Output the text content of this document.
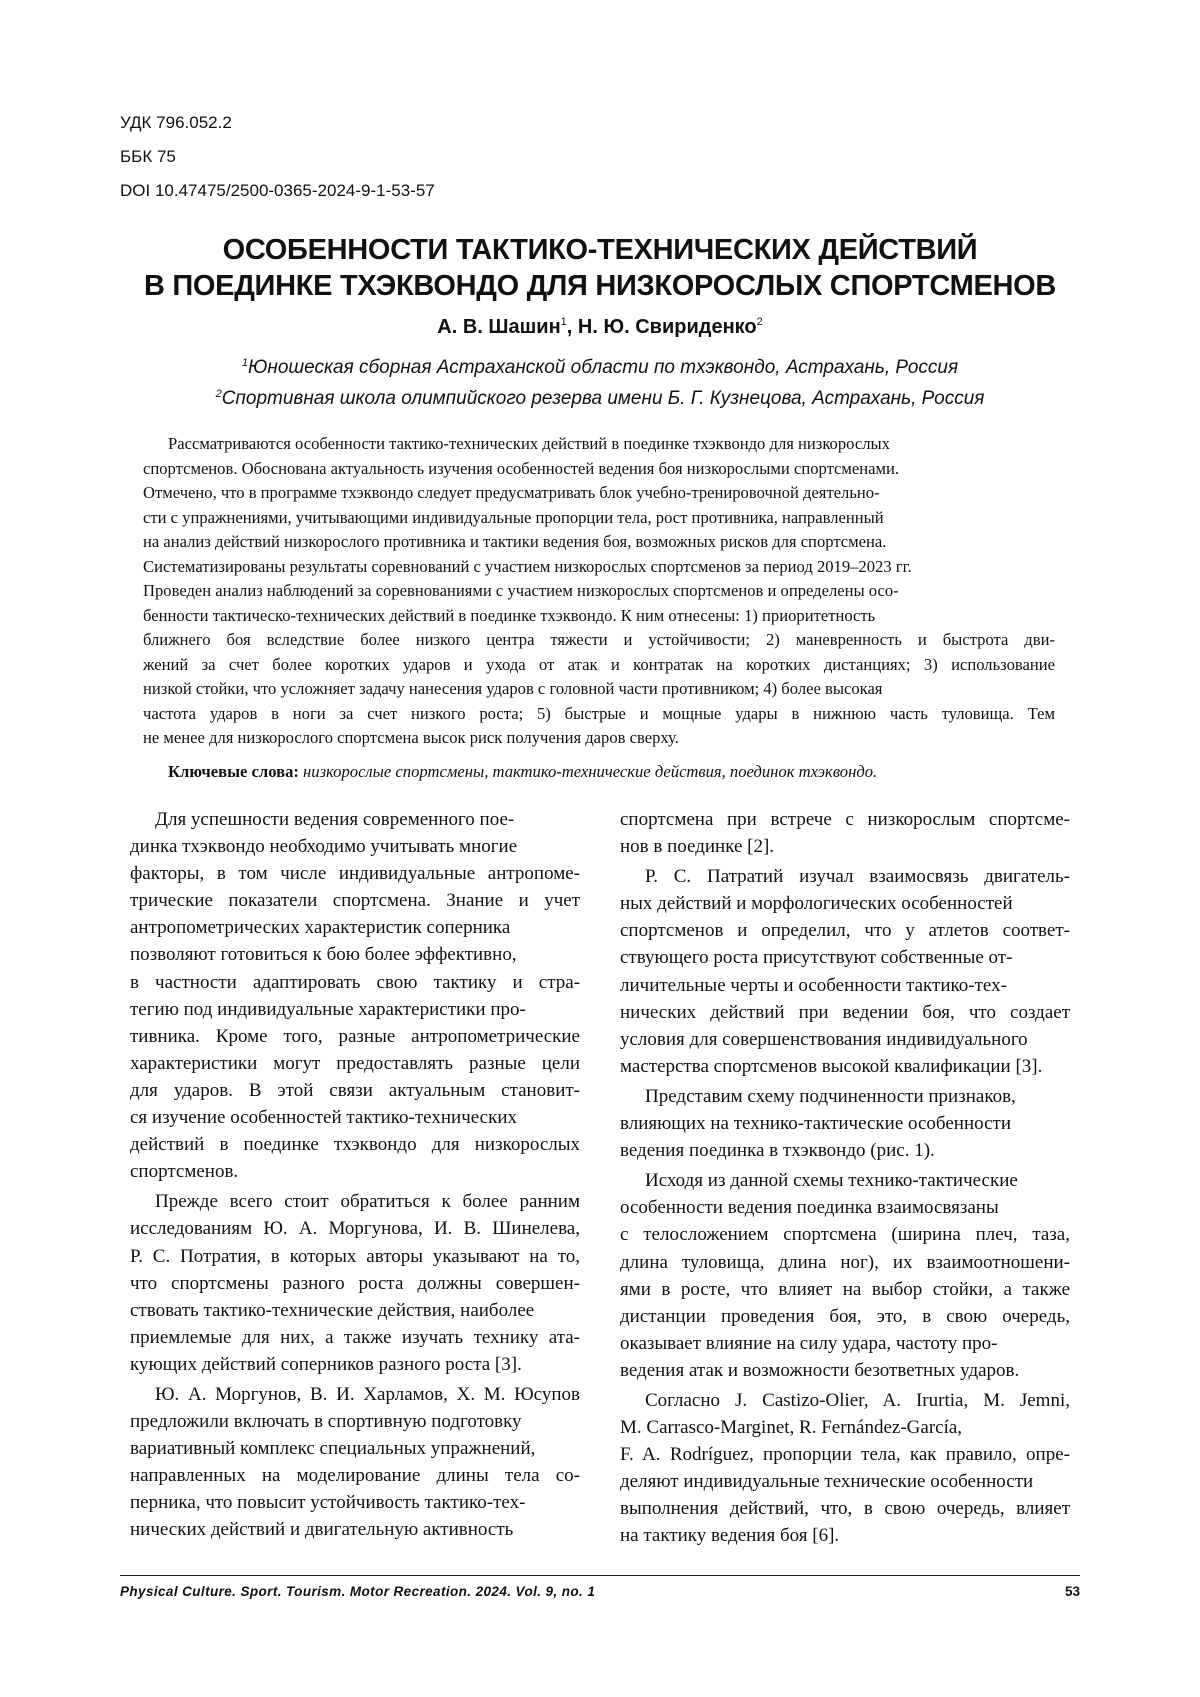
УДК 796.052.2
ББК 75
DOI 10.47475/2500-0365-2024-9-1-53-57
ОСОБЕННОСТИ ТАКТИКО-ТЕХНИЧЕСКИХ ДЕЙСТВИЙ
В ПОЕДИНКЕ ТХЭКВОНДО ДЛЯ НИЗКОРОСЛЫХ СПОРТСМЕНОВ
А. В. Шашин$^1$, Н. Ю. Свириденко$^2$
$^1$Юношеская сборная Астраханской области по тхэквондо, Астрахань, Россия
$^2$Спортивная школа олимпийского резерва имени Б. Г. Кузнецова, Астрахань, Россия
Рассматриваются особенности тактико-технических действий в поединке тхэквондо для низкорослых
спортсменов. Обоснована актуальность изучения особенностей ведения боя низкорослыми спортсменами.
Отмечено, что в программе тхэквондо следует предусматривать блок учебно-тренировочной деятельно-
сти с упражнениями, учитывающими индивидуальные пропорции тела, рост противника, направленный
на анализ действий низкорослого противника и тактики ведения боя, возможных рисков для спортсмена.
Систематизированы результаты соревнований с участием низкорослых спортсменов за период 2019–2023 гг.
Проведен анализ наблюдений за соревнованиями с участием низкорослых спортсменов и определены осо-
бенности тактическо-технических действий в поединке тхэквондо. К ним отнесены: 1) приоритетность
ближнего боя вследствие более низкого центра тяжести и устойчивости; 2) маневренность и быстрота дви-
жений за счет более коротких ударов и ухода от атак и контратак на коротких дистанциях; 3) использование
низкой стойки, что усложняет задачу нанесения ударов с головной части противником; 4) более высокая
частота ударов в ноги за счет низкого роста; 5) быстрые и мощные удары в нижнюю часть туловища. Тем
не менее для низкорослого спортсмена высок риск получения даров сверху.
Ключевые слова: низкорослые спортсмены, тактико-технические действия, поединок тхэквондо.
Для успешности ведения современного пое-
динка тхэквондо необходимо учитывать многие
факторы, в том числе индивидуальные антропоме-
трические показатели спортсмена. Знание и учет
антропометрических характеристик соперника
позволяют готовиться к бою более эффективно,
в частности адаптировать свою тактику и стра-
тегию под индивидуальные характеристики про-
тивника. Кроме того, разные антропометрические
характеристики могут предоставлять разные цели
для ударов. В этой связи актуальным становит-
ся изучение особенностей тактико-технических
действий в поединке тхэквондо для низкорослых
спортсменов.
Прежде всего стоит обратиться к более ранним
исследованиям Ю. А. Моргунова, И. В. Шинелева,
Р. С. Потратия, в которых авторы указывают на то,
что спортсмены разного роста должны совершен-
ствовать тактико-технические действия, наиболее
приемлемые для них, а также изучать технику ата-
кующих действий соперников разного роста [3].
Ю. А. Моргунов, В. И. Харламов, Х. М. Юсупов
предложили включать в спортивную подготовку
вариативный комплекс специальных упражнений,
направленных на моделирование длины тела со-
перника, что повысит устойчивость тактико-тех-
нических действий и двигательную активность
спортсмена при встрече с низкорослым спортсме-
нов в поединке [2].
Р. С. Патратий изучал взаимосвязь двигатель-
ных действий и морфологических особенностей
спортсменов и определил, что у атлетов соответ-
ствующего роста присутствуют собственные от-
личительные черты и особенности тактико-тех-
нических действий при ведении боя, что создает
условия для совершенствования индивидуального
мастерства спортсменов высокой квалификации [3].
Представим схему подчиненности признаков,
влияющих на технико-тактические особенности
ведения поединка в тхэквондо (рис. 1).
Исходя из данной схемы технико-тактические
особенности ведения поединка взаимосвязаны
с телосложением спортсмена (ширина плеч, таза,
длина туловища, длина ног), их взаимоотношени-
ями в росте, что влияет на выбор стойки, а также
дистанции проведения боя, это, в свою очередь,
оказывает влияние на силу удара, частоту про-
ведения атак и возможности безответных ударов.
Согласно J. Castizo-Olier, A. Irurtia, M. Jemni,
M. Carrasco-Marginet, R. Fernández-García,
F. A. Rodríguez, пропорции тела, как правило, опре-
деляют индивидуальные технические особенности
выполнения действий, что, в свою очередь, влияет
на тактику ведения боя [6].
Physical Culture. Sport. Tourism. Motor Recreation. 2024. Vol. 9, no. 1	53
